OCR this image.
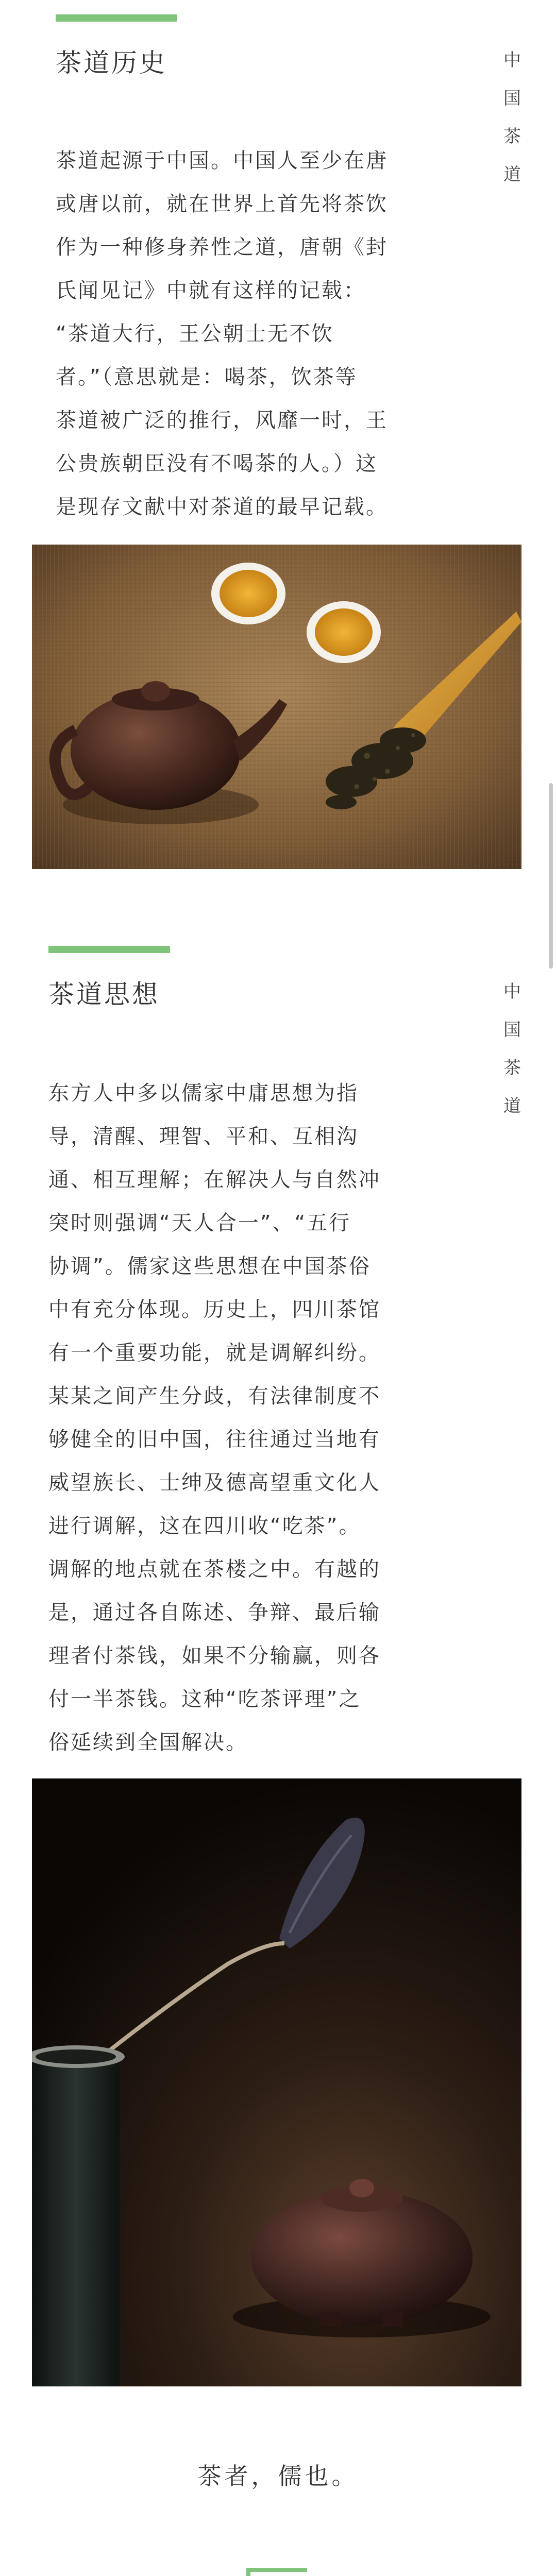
茶道历史	中
国
茶
道
茶道起源于中国。中国人至少在唐
或唐以前，就在世界上首先将茶饮
作为一种修身养性之道，唐朝《封
氏闻见记》中就有这样的记载：
“茶道大行，王公朝士无不饮
者。”（意思就是：喝茶，饮茶等
茶道被广泛的推行，风靡一时，王
公贵族朝臣没有不喝茶的人。）这
是现存文献中对茶道的最早记载。
茶道思想	中
国
茶
道
东方人中多以儒家中庸思想为指
导，清醒、理智、平和、互相沟
通、相互理解；在解决人与自然冲
突时则强调“天人合一”、“五行
协调”。儒家这些思想在中国茶俗
中有充分体现。历史上，四川茶馆
有一个重要功能，就是调解纠纷。
某某之间产生分歧，有法律制度不
够健全的旧中国，往往通过当地有
威望族长、士绅及德高望重文化人
进行调解，这在四川收“吃茶”。
调解的地点就在茶楼之中。有越的
是，通过各自陈述、争辩、最后输
理者付茶钱，如果不分输赢，则各
付一半茶钱。这种“吃茶评理”之
俗延续到全国解决。
茶者，儒也。
